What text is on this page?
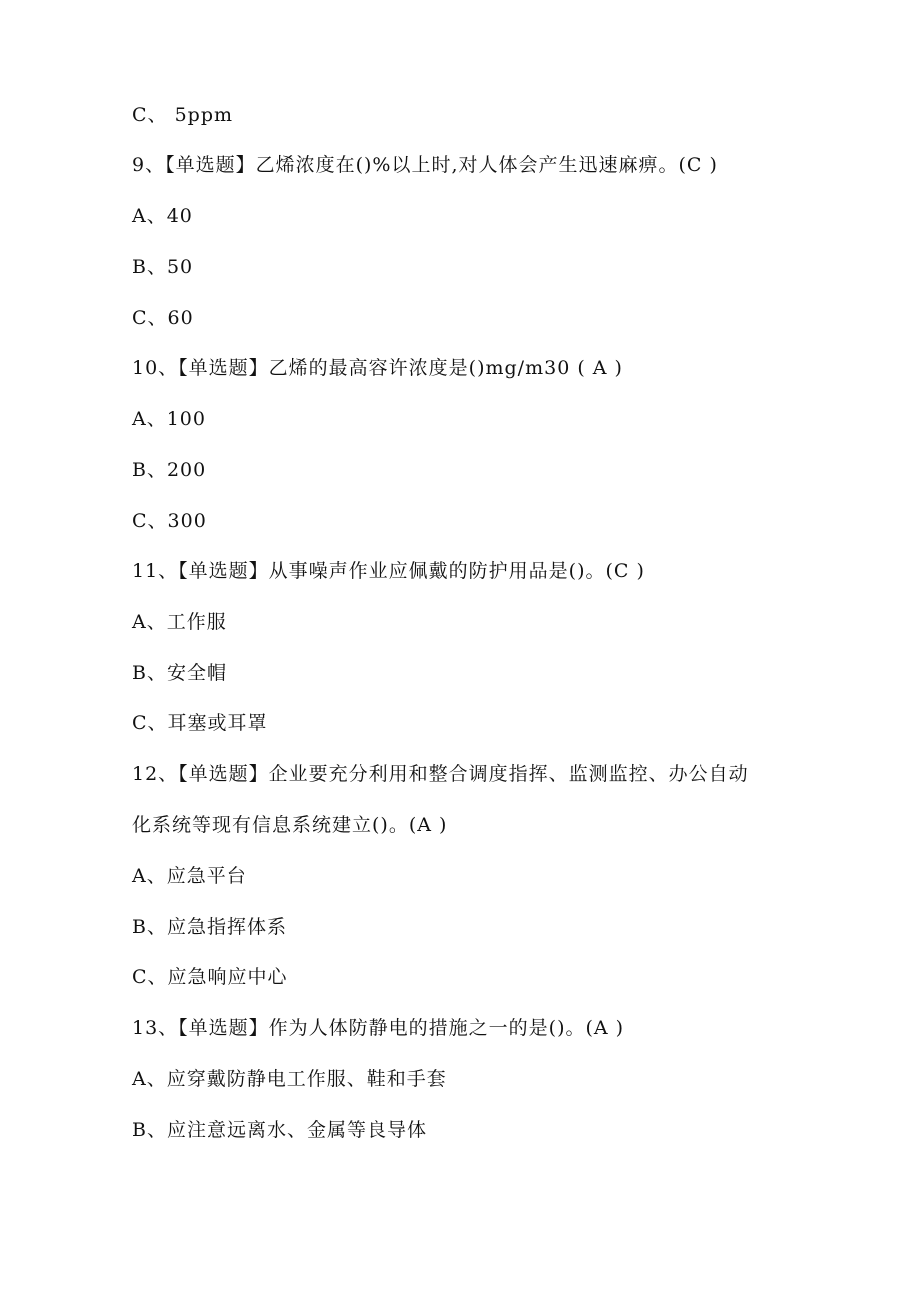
C、 5ppm
9、【单选题】乙烯浓度在()%以上时,对人体会产生迅速麻痹。(C )
A、40
B、50
C、60
10、【单选题】乙烯的最高容许浓度是()mg/m30 ( A )
A、100
B、200
C、300
11、【单选题】从事噪声作业应佩戴的防护用品是()。(C )
A、工作服
B、安全帽
C、耳塞或耳罩
12、【单选题】企业要充分利用和整合调度指挥、监测监控、办公自动
化系统等现有信息系统建立()。(A )
A、应急平台
B、应急指挥体系
C、应急响应中心
13、【单选题】作为人体防静电的措施之一的是()。(A )
A、应穿戴防静电工作服、鞋和手套
B、应注意远离水、金属等良导体
